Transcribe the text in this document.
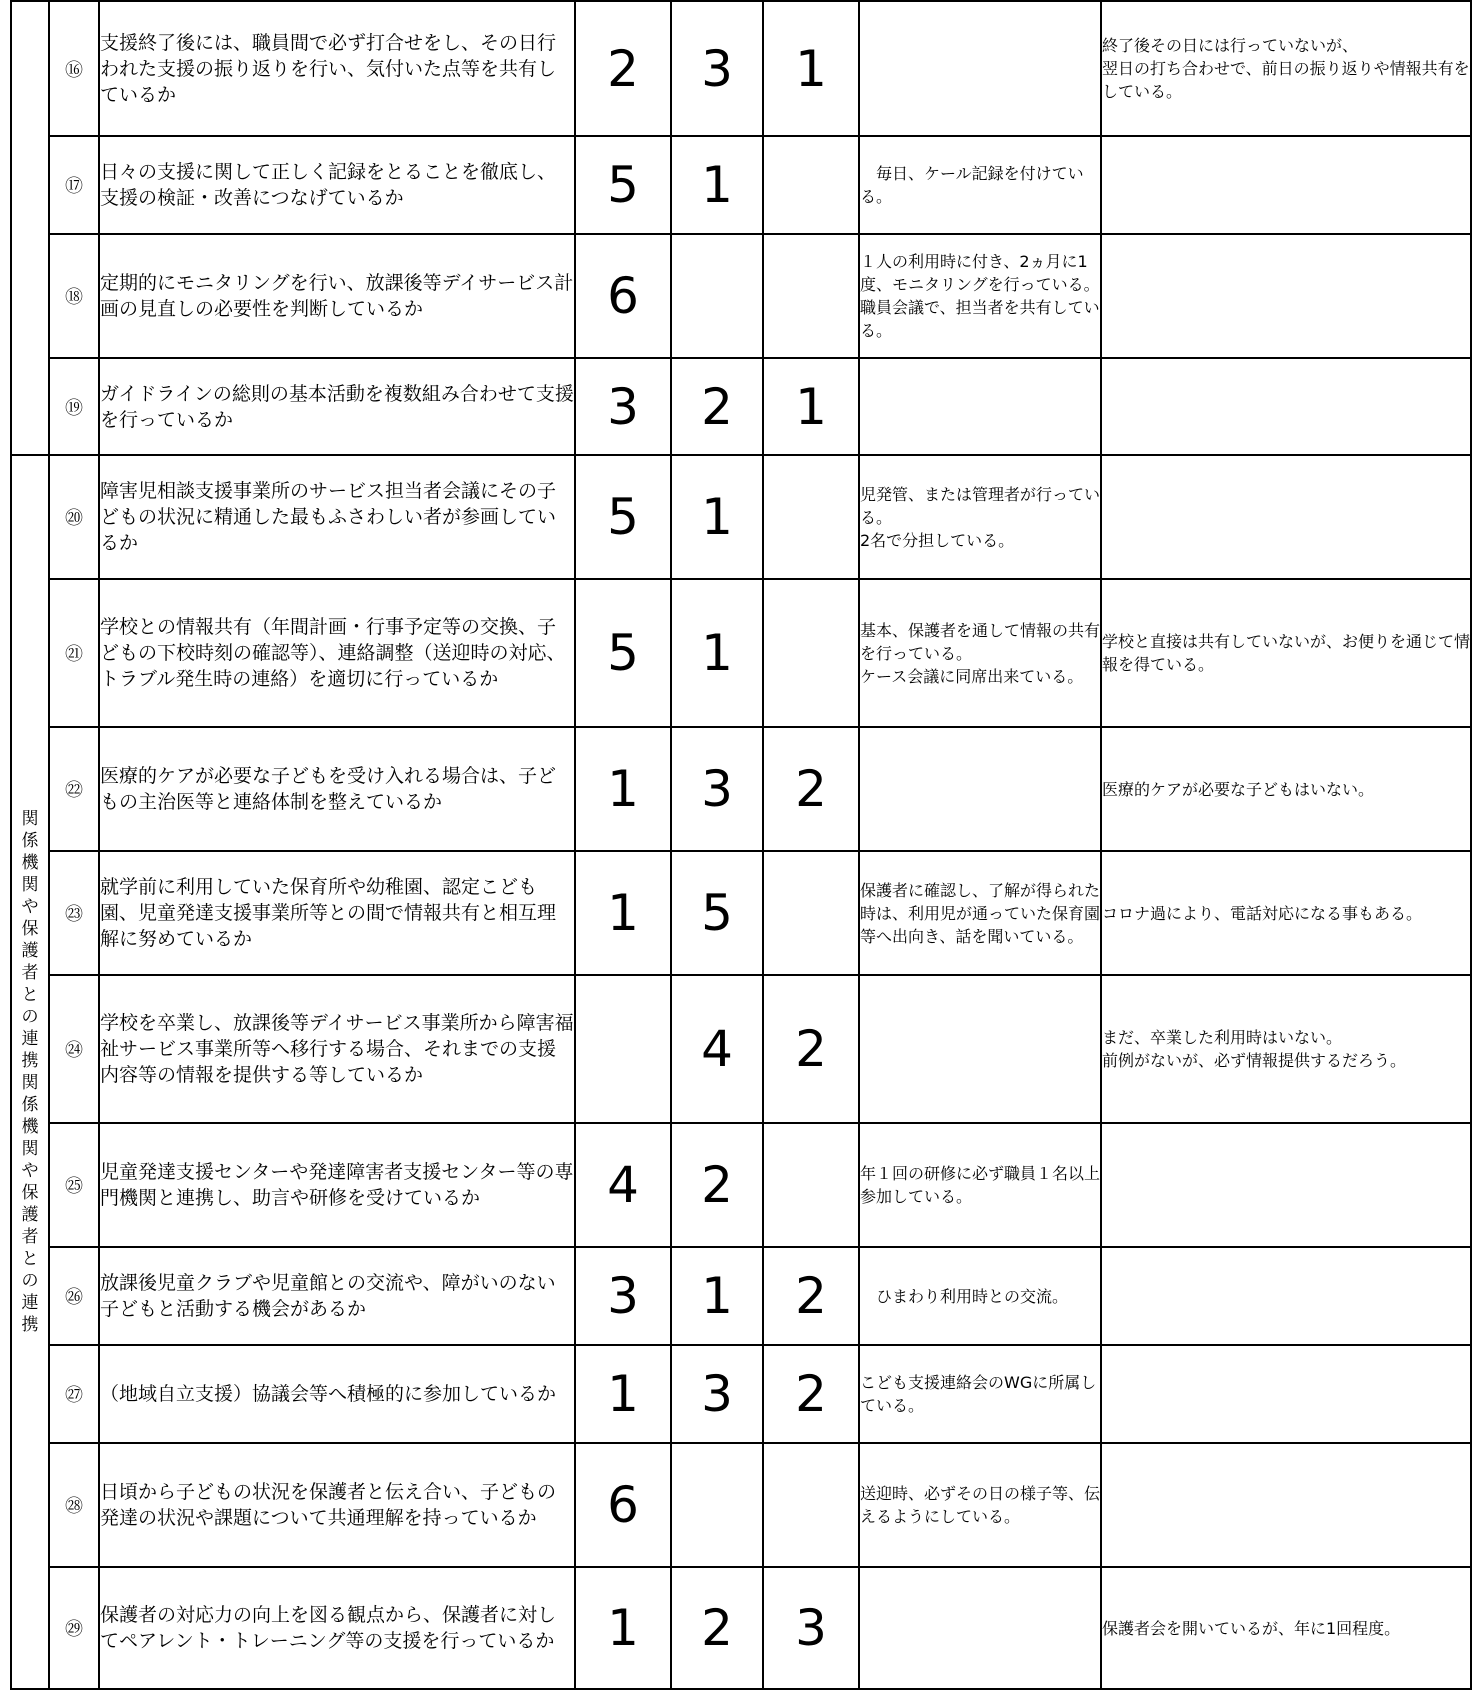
	⑯	支援終了後には、職員間で必ず打合せをし、その日行われた支援の振り返りを行い、気付いた点等を共有しているか	2	3	1		終了後その日には行っていないが、
翌日の打ち合わせで、前日の振り返りや情報共有をしている。
	⑰	日々の支援に関して正しく記録をとることを徹底し、支援の検証・改善につなげているか	5	1		　毎日、ケール記録を付けている。	
	⑱	定期的にモニタリングを行い、放課後等デイサービス計画の見直しの必要性を判断しているか	6			１人の利用時に付き、2ヵ月に1度、モニタリングを行っている。職員会議で、担当者を共有している。	
	⑲	ガイドラインの総則の基本活動を複数組み合わせて支援を行っているか	3	2	1		
関係機関や保護者との連携関係機関や保護者との連携	⑳	障害児相談支援事業所のサービス担当者会議にその子どもの状況に精通した最もふさわしい者が参画しているか	5	1		児発管、または管理者が行っている。
2名で分担している。	
	㉑	学校との情報共有（年間計画・行事予定等の交換、子どもの下校時刻の確認等）、連絡調整（送迎時の対応、トラブル発生時の連絡）を適切に行っているか	5	1		基本、保護者を通して情報の共有を行っている。
ケース会議に同席出来ている。	学校と直接は共有していないが、お便りを通じて情報を得ている。
	㉒	医療的ケアが必要な子どもを受け入れる場合は、子どもの主治医等と連絡体制を整えているか	1	3	2		医療的ケアが必要な子どもはいない。
	㉓	就学前に利用していた保育所や幼稚園、認定こども園、児童発達支援事業所等との間で情報共有と相互理解に努めているか	1	5		保護者に確認し、了解が得られた時は、利用児が通っていた保育園等へ出向き、話を聞いている。	コロナ過により、電話対応になる事もある。
	㉔	学校を卒業し、放課後等デイサービス事業所から障害福祉サービス事業所等へ移行する場合、それまでの支援内容等の情報を提供する等しているか		4	2		まだ、卒業した利用時はいない。
前例がないが、必ず情報提供するだろう。
	㉕	児童発達支援センターや発達障害者支援センター等の専門機関と連携し、助言や研修を受けているか	4	2		年１回の研修に必ず職員１名以上参加している。	
	㉖	放課後児童クラブや児童館との交流や、障がいのない子どもと活動する機会があるか	3	1	2	　ひまわり利用時との交流。	
	㉗	（地域自立支援）協議会等へ積極的に参加しているか	1	3	2	こども支援連絡会のWGに所属している。	
	㉘	日頃から子どもの状況を保護者と伝え合い、子どもの発達の状況や課題について共通理解を持っているか	6			送迎時、必ずその日の様子等、伝えるようにしている。	
	㉙	保護者の対応力の向上を図る観点から、保護者に対してペアレント・トレーニング等の支援を行っているか	1	2	3		保護者会を開いているが、年に1回程度。
